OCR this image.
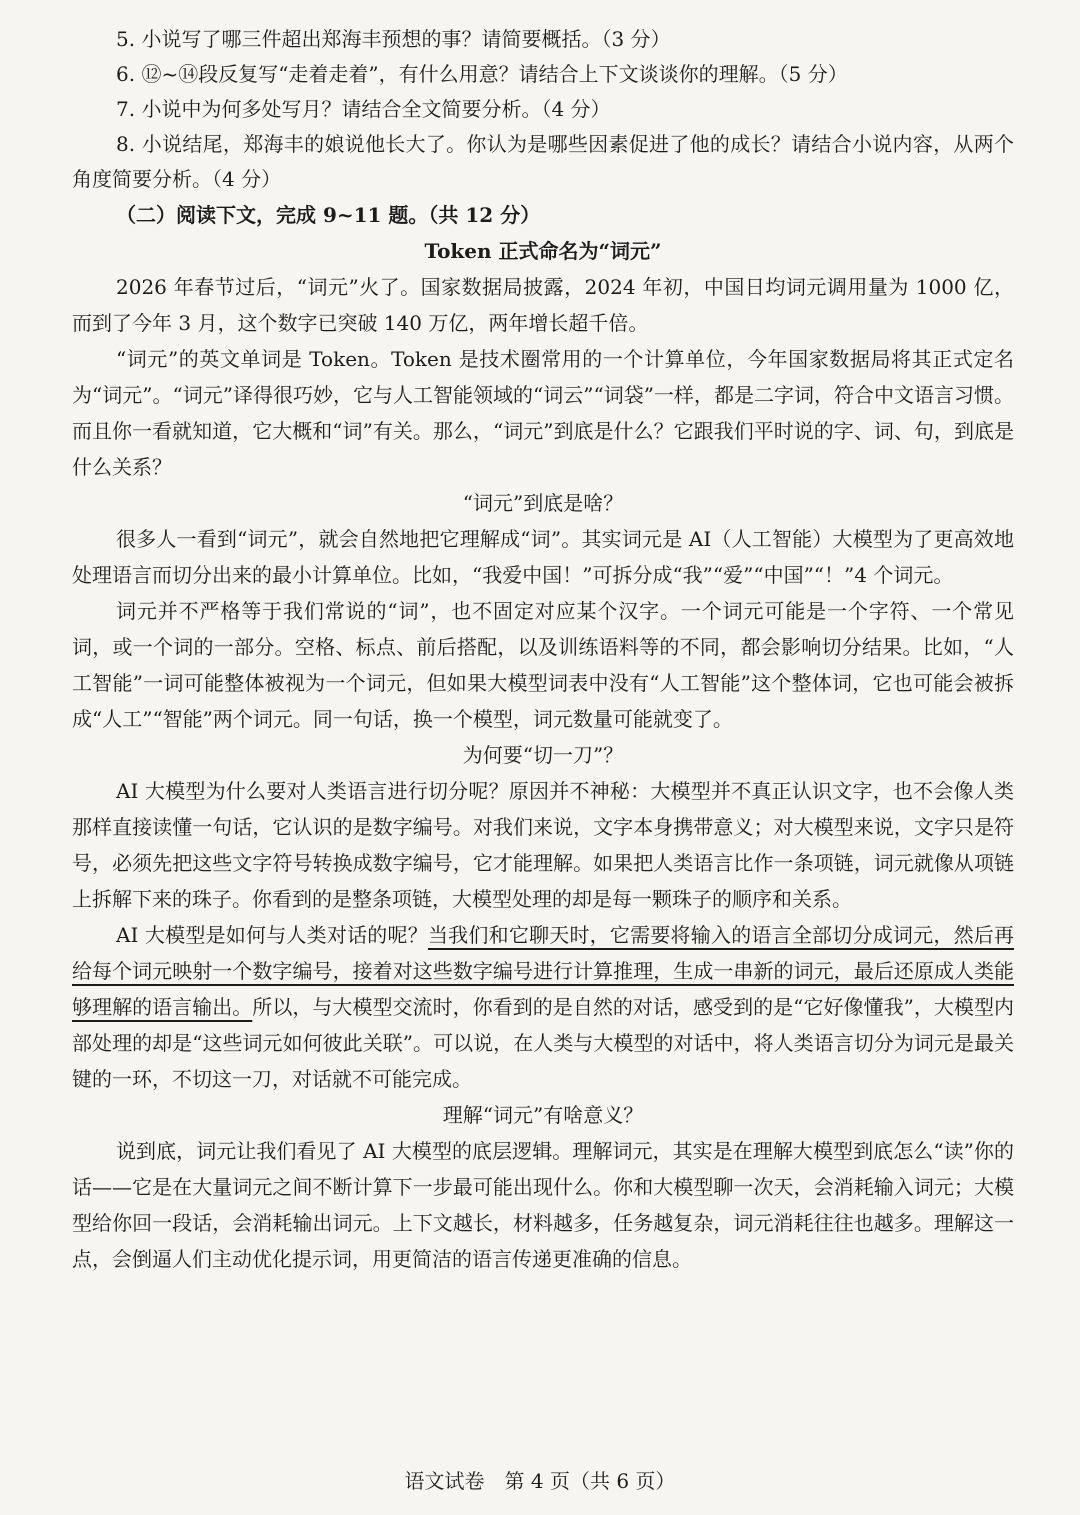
5. 小说写了哪三件超出郑海丰预想的事？请简要概括。（3 分）

6. ⑫~⑭段反复写“走着走着”，有什么用意？请结合上下文谈谈你的理解。（5 分）

7. 小说中为何多处写月？请结合全文简要分析。（4 分）

8. 小说结尾，郑海丰的娘说他长大了。你认为是哪些因素促进了他的成长？请结合小说内容，从两个角度简要分析。（4 分）

（二）阅读下文，完成 9~11 题。（共 12 分）

Token 正式命名为“词元”

2026 年春节过后，“词元”火了。国家数据局披露，2024 年初，中国日均词元调用量为 1000 亿，而到了今年 3 月，这个数字已突破 140 万亿，两年增长超千倍。

“词元”的英文单词是 Token。Token 是技术圈常用的一个计算单位，今年国家数据局将其正式定名为“词元”。“词元”译得很巧妙，它与人工智能领域的“词云”“词袋”一样，都是二字词，符合中文语言习惯。而且你一看就知道，它大概和“词”有关。那么，“词元”到底是什么？它跟我们平时说的字、词、句，到底是什么关系？

“词元”到底是啥？

很多人一看到“词元”，就会自然地把它理解成“词”。其实词元是 AI（人工智能）大模型为了更高效地处理语言而切分出来的最小计算单位。比如，“我爱中国！”可拆分成“我”“爱”“中国”“！”4 个词元。

词元并不严格等于我们常说的“词”，也不固定对应某个汉字。一个词元可能是一个字符、一个常见词，或一个词的一部分。空格、标点、前后搭配，以及训练语料等的不同，都会影响切分结果。比如，“人工智能”一词可能整体被视为一个词元，但如果大模型词表中没有“人工智能”这个整体词，它也可能会被拆成“人工”“智能”两个词元。同一句话，换一个模型，词元数量可能就变了。

为何要“切一刀”？

AI 大模型为什么要对人类语言进行切分呢？原因并不神秘：大模型并不真正认识文字，也不会像人类那样直接读懂一句话，它认识的是数字编号。对我们来说，文字本身携带意义；对大模型来说，文字只是符号，必须先把这些文字符号转换成数字编号，它才能理解。如果把人类语言比作一条项链，词元就像从项链上拆解下来的珠子。你看到的是整条项链，大模型处理的却是每一颗珠子的顺序和关系。

AI 大模型是如何与人类对话的呢？当我们和它聊天时，它需要将输入的语言全部切分成词元，然后再给每个词元映射一个数字编号，接着对这些数字编号进行计算推理，生成一串新的词元，最后还原成人类能够理解的语言输出。所以，与大模型交流时，你看到的是自然的对话，感受到的是“它好像懂我”，大模型内部处理的却是“这些词元如何彼此关联”。可以说，在人类与大模型的对话中，将人类语言切分为词元是最关键的一环，不切这一刀，对话就不可能完成。

理解“词元”有啥意义？

说到底，词元让我们看见了 AI 大模型的底层逻辑。理解词元，其实是在理解大模型到底怎么“读”你的话——它是在大量词元之间不断计算下一步最可能出现什么。你和大模型聊一次天，会消耗输入词元；大模型给你回一段话，会消耗输出词元。上下文越长，材料越多，任务越复杂，词元消耗往往也越多。理解这一点，会倒逼人们主动优化提示词，用更简洁的语言传递更准确的信息。

语文试卷　第 4 页（共 6 页）
